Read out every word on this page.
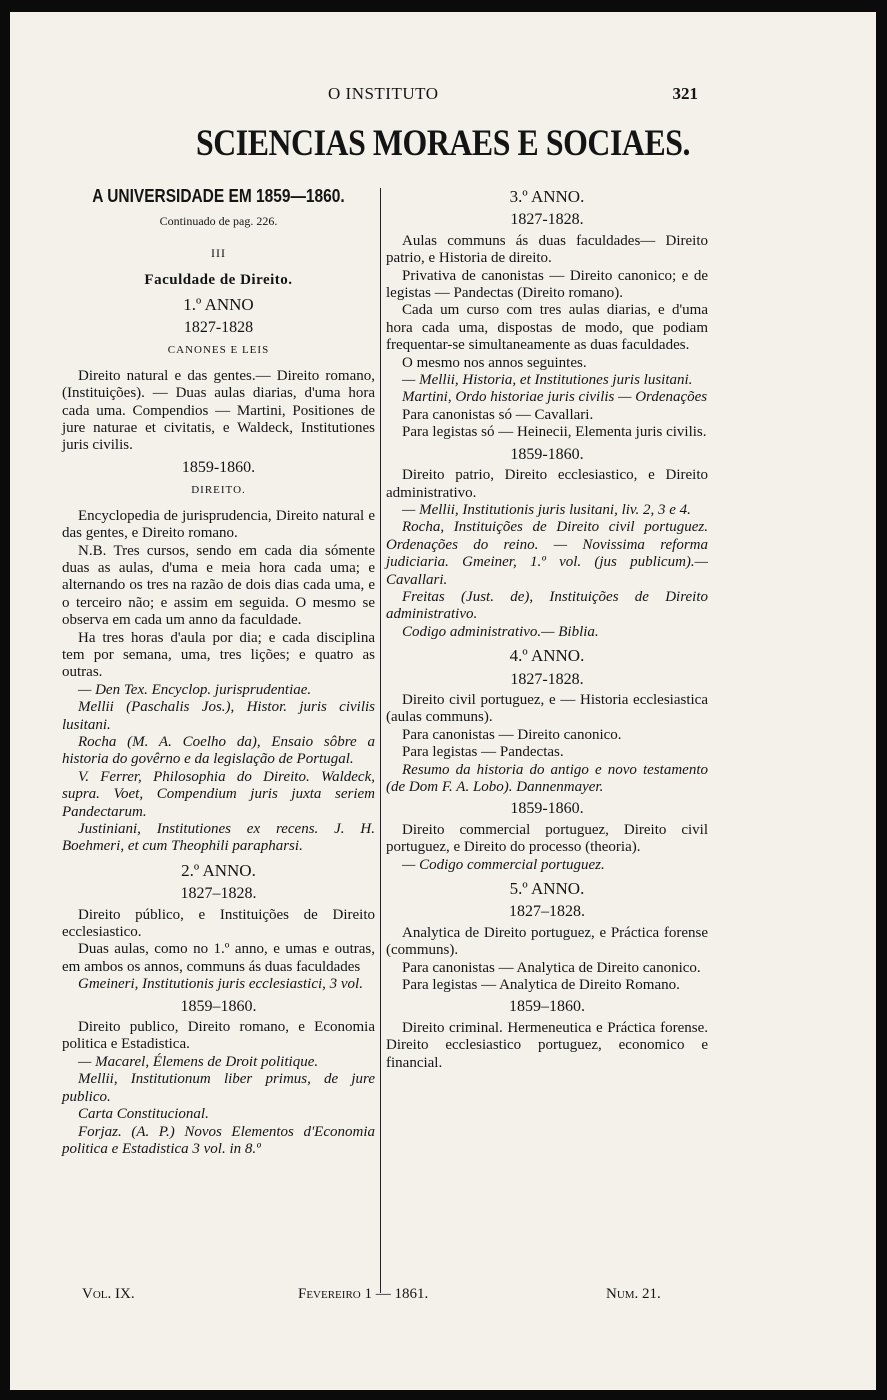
O INSTITUTO	321
SCIENCIAS MORAES E SOCIAES.
A UNIVERSIDADE EM 1859—1860.
Continuado de pag. 226.
III
Faculdade de Direito.
1.º ANNO
1827-1828
CANONES E LEIS

Direito natural e das gentes.— Direito romano, (Instituições). — Duas aulas diarias, d'uma hora cada uma. Compendios — Martini, Positiones de jure naturae et civitatis, e Waldeck, Institutiones juris civilis.

1859-1860.
DIREITO.

Encyclopedia de jurisprudencia, Direito natural e das gentes, e Direito romano.

N.B. Tres cursos, sendo em cada dia sómente duas as aulas, d'uma e meia hora cada uma; e alternando os tres na razão de dois dias cada uma, e o terceiro não; e assim em seguida. O mesmo se observa em cada um anno da faculdade.

Ha tres horas d'aula por dia; e cada disciplina tem por semana, uma, tres lições; e quatro as outras.

— Den Tex. Encyclop. jurisprudentiae.

Mellii (Paschalis Jos.), Histor. juris civilis lusitani.

Rocha (M. A. Coelho da), Ensaio sôbre a historia do govêrno e da legislação de Portugal.

V. Ferrer, Philosophia do Direito. Waldeck, supra. Voet, Compendium juris juxta seriem Pandectarum.

Justiniani, Institutiones ex recens. J. H. Boehmeri, et cum Theophili parapharsi.

2.º ANNO.
1827–1828.

Direito público, e Instituições de Direito ecclesiastico.

Duas aulas, como no 1.º anno, e umas e outras, em ambos os annos, communs ás duas faculdades

Gmeineri, Institutionis juris ecclesiastici, 3 vol.

1859–1860.

Direito publico, Direito romano, e Economia politica e Estadistica.

— Macarel, Élemens de Droit politique.

Mellii, Institutionum liber primus, de jure publico.

Carta Constitucional.

Forjaz. (A. P.) Novos Elementos d'Economia politica e Estadistica 3 vol. in 8.º

3.º ANNO.
1827-1828.

Aulas communs ás duas faculdades— Direito patrio, e Historia de direito.

Privativa de canonistas — Direito canonico; e de legistas — Pandectas (Direito romano).

Cada um curso com tres aulas diarias, e d'uma hora cada uma, dispostas de modo, que podiam frequentar-se simultaneamente as duas faculdades.

O mesmo nos annos seguintes.

— Mellii, Historia, et Institutiones juris lusitani.

Martini, Ordo historiae juris civilis — Ordenações

Para canonistas só — Cavallari.

Para legistas só — Heinecii, Elementa juris civilis.

1859-1860.

Direito patrio, Direito ecclesiastico, e Direito administrativo.

— Mellii, Institutionis juris lusitani, liv. 2, 3 e 4.

Rocha, Instituições de Direito civil portuguez. Ordenações do reino. — Novissima reforma judiciaria. Gmeiner, 1.º vol. (jus publicum).— Cavallari.

Freitas (Just. de), Instituições de Direito administrativo.

Codigo administrativo.— Biblia.

4.º ANNO.
1827-1828.

Direito civil portuguez, e — Historia ecclesiastica (aulas communs).

Para canonistas — Direito canonico.

Para legistas — Pandectas.

Resumo da historia do antigo e novo testamento (de Dom F. A. Lobo). Dannenmayer.

1859-1860.

Direito commercial portuguez, Direito civil portuguez, e Direito do processo (theoria).

— Codigo commercial portuguez.

5.º ANNO.
1827–1828.

Analytica de Direito portuguez, e Práctica forense (communs).

Para canonistas — Analytica de Direito canonico.

Para legistas — Analytica de Direito Romano.

1859–1860.

Direito criminal. Hermeneutica e Práctica forense. Direito ecclesiastico portuguez, economico e financial.

Vol. IX.	Fevereiro 1 — 1861.	Num. 21.
